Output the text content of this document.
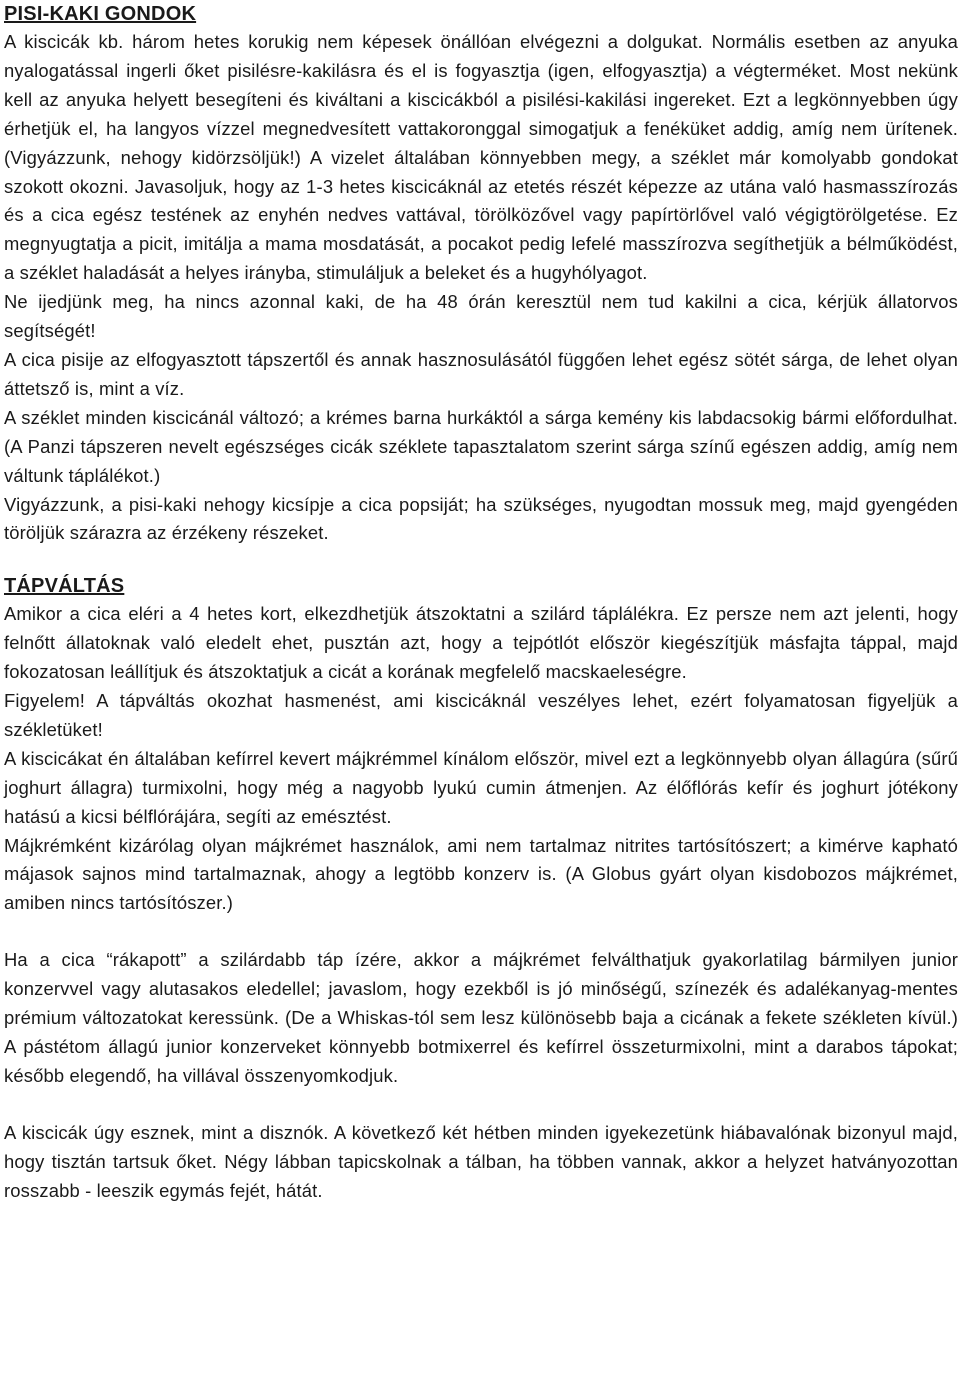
PISI-KAKI GONDOK

A kiscicák kb. három hetes korukig nem képesek önállóan elvégezni a dolgukat. Normális esetben az anyuka nyalogatással ingerli őket pisilésre-kakilásra és el is fogyasztja (igen, elfogyasztja) a végterméket. Most nekünk kell az anyuka helyett besegíteni és kiváltani a kiscicákból a pisilési-kakilási ingereket. Ezt a legkönnyebben úgy érhetjük el, ha langyos vízzel megnedvesített vattakoronggal simogatjuk a fenéküket addig, amíg nem ürítenek. (Vigyázzunk, nehogy kidörzsöljük!) A vizelet általában könnyebben megy, a széklet már komolyabb gondokat szokott okozni. Javasoljuk, hogy az 1-3 hetes kiscicáknál az etetés részét képezze az utána való hasmasszírozás és a cica egész testének az enyhén nedves vattával, törölközővel vagy papírtörlővel való végigtörölgetése. Ez megnyugtatja a picit, imitálja a mama mosdatását, a pocakot pedig lefelé masszírozva segíthetjük a bélműködést, a széklet haladását a helyes irányba, stimuláljuk a beleket és a hugyhólyagot.

Ne ijedjünk meg, ha nincs azonnal kaki, de ha 48 órán keresztül nem tud kakilni a cica, kérjük állatorvos segítségét!

A cica pisije az elfogyasztott tápszertől és annak hasznosulásától függően lehet egész sötét sárga, de lehet olyan áttetsző is, mint a víz.

A széklet minden kiscicánál változó; a krémes barna hurkáktól a sárga kemény kis labdacsokig bármi előfordulhat. (A Panzi tápszeren nevelt egészséges cicák széklete tapasztalatom szerint sárga színű egészen addig, amíg nem váltunk táplálékot.)

Vigyázzunk, a pisi-kaki nehogy kicsípje a cica popsiját; ha szükséges, nyugodtan mossuk meg, majd gyengéden töröljük szárazra az érzékeny részeket.

TÁPVÁLTÁS

Amikor a cica eléri a 4 hetes kort, elkezdhetjük átszoktatni a szilárd táplálékra. Ez persze nem azt jelenti, hogy felnőtt állatoknak való eledelt ehet, pusztán azt, hogy a tejpótlót először kiegészítjük másfajta táppal, majd fokozatosan leállítjuk és átszoktatjuk a cicát a korának megfelelő macskaeleségre.

Figyelem! A tápváltás okozhat hasmenést, ami kiscicáknál veszélyes lehet, ezért folyamatosan figyeljük a székletüket!

A kiscicákat én általában kefírrel kevert májkrémmel kínálom először, mivel ezt a legkönnyebb olyan állagúra (sűrű joghurt állagra) turmixolni, hogy még a nagyobb lyukú cumin átmenjen. Az élőflórás kefír és joghurt jótékony hatású a kicsi bélflórájára, segíti az emésztést.

Májkrémként kizárólag olyan májkrémet használok, ami nem tartalmaz nitrites tartósítószert; a kimérve kapható májasok sajnos mind tartalmaznak, ahogy a legtöbb konzerv is. (A Globus gyárt olyan kisdobozos májkrémet, amiben nincs tartósítószer.)

Ha a cica “rákapott” a szilárdabb táp ízére, akkor a májkrémet felválthatjuk gyakorlatilag bármilyen junior konzervvel vagy alutasakos eledellel; javaslom, hogy ezekből is jó minőségű, színezék és adalékanyag-mentes prémium változatokat keressünk. (De a Whiskas-tól sem lesz különösebb baja a cicának a fekete székleten kívül.) A pástétom állagú junior konzerveket könnyebb botmixerrel és kefírrel összeturmixolni, mint a darabos tápokat; később elegendő, ha villával összenyomkodjuk.

A kiscicák úgy esznek, mint a disznók. A következő két hétben minden igyekezetünk hiábavalónak bizonyul majd, hogy tisztán tartsuk őket. Négy lábban tapicskolnak a tálban, ha többen vannak, akkor a helyzet hatványozottan rosszabb - leeszik egymás fejét, hátát.
